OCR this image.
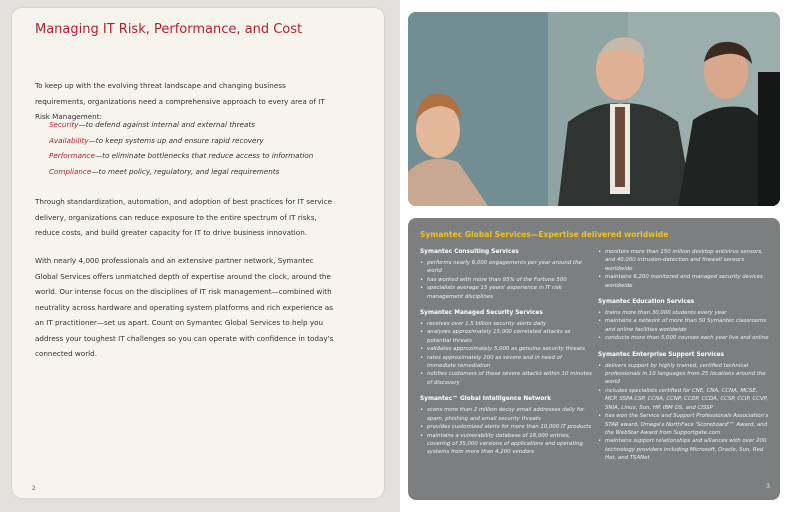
Managing IT Risk, Performance, and Cost

To keep up with the evolving threat landscape and changing business requirements, organizations need a comprehensive approach to every area of IT Risk Management:

Security—to defend against internal and external threats
Availability—to keep systems up and ensure rapid recovery
Performance—to eliminate bottlenecks that reduce access to information
Compliance—to meet policy, regulatory, and legal requirements

Through standardization, automation, and adoption of best practices for IT service delivery, organizations can reduce exposure to the entire spectrum of IT risks, reduce costs, and build greater capacity for IT to drive business innovation.

With nearly 4,000 professionals and an extensive partner network, Symantec Global Services offers unmatched depth of expertise around the clock, around the world. Our intense focus on the disciplines of IT risk management—combined with neutrality across hardware and operating system platforms and rich experience as an IT practitioner—set us apart. Count on Symantec Global Services to help you address your toughest IT challenges so you can operate with confidence in today's connected world.

2
Symantec Global Services—Expertise delivered worldwide
Symantec Consulting Services
• performs nearly 6,000 engagements per year around the world
• has worked with more than 95% of the Fortune 500
• specialists average 15 years' experience in IT risk management disciplines
Symantec Managed Security Services
• receives over 1.5 billion security alerts daily
• analyzes approximately 15,000 correlated attacks as potential threats
• validates approximately 5,000 as genuine security threats
• rates approximately 200 as severe and in need of immediate remediation
• notifies customers of these severe attacks within 10 minutes of discovery
Symantec™ Global Intelligence Network
• scans more than 2 million decoy email addresses daily for spam, phishing and email security threats
• provides customized alerts for more than 10,000 IT products
• maintains a vulnerability database of 18,000 entries, covering of 35,000 versions of applications and operating systems from more than 4,200 vendors
• monitors more than 150 million desktop antivirus sensors, and 40,000 intrusion-detection and firewall sensors worldwide
• maintains 6,200 monitored and managed security devices worldwide
Symantec Education Services
• trains more than 30,000 students every year
• maintains a network of more than 50 Symantec classrooms and online facilities worldwide
• conducts more than 5,000 courses each year live and online
Symantec Enterprise Support Services
• delivers support by highly trained, certified technical professionals in 10 languages from 25 locations around the world
• includes specialists certified for CNE, CNA, CCNA, MCSE, MCP, SSPA CSP, CCNA, CCNP, CCDP, CCDA, CCSP, CCIP, CCVP, SNIA, Linux, Sun, HP, IBM OS, and CISSP
• has won the Service and Support Professionals Association's STAR award, Omega's NorthFace 'Scoreboard'™ Award, and the WebStar Award from Supportgate.com
• maintains support relationships and alliances with over 200 technology providers including Microsoft, Oracle, Sun, Red Hat, and TSANet
3
